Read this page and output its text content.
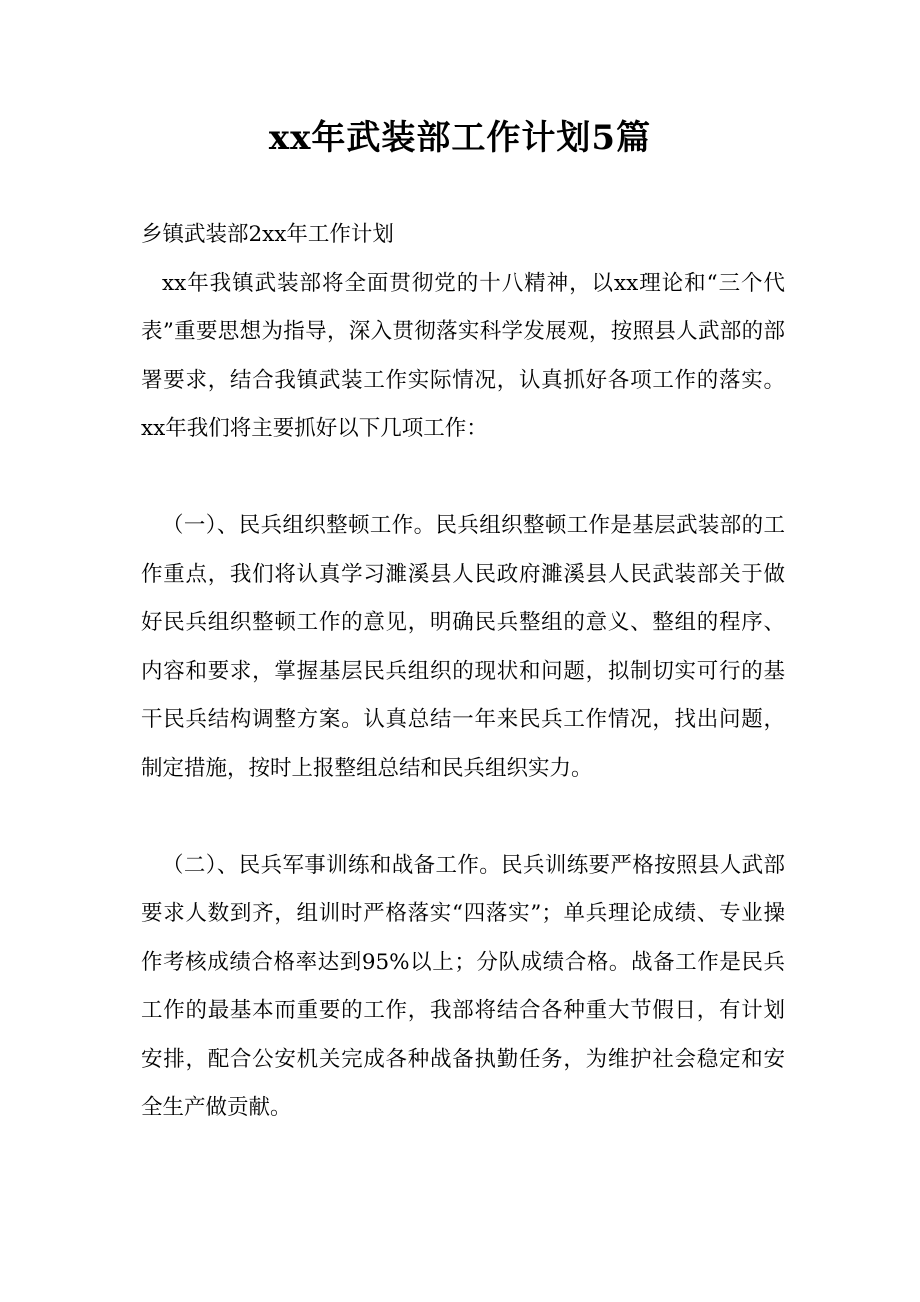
xx年武装部工作计划5篇

乡镇武装部2xx年工作计划

xx年我镇武装部将全面贯彻党的十八精神，以xx理论和“三个代表”重要思想为指导，深入贯彻落实科学发展观，按照县人武部的部署要求，结合我镇武装工作实际情况，认真抓好各项工作的落实。xx年我们将主要抓好以下几项工作：

（一）、民兵组织整顿工作。民兵组织整顿工作是基层武装部的工作重点，我们将认真学习濉溪县人民政府濉溪县人民武装部关于做好民兵组织整顿工作的意见，明确民兵整组的意义、整组的程序、内容和要求，掌握基层民兵组织的现状和问题，拟制切实可行的基干民兵结构调整方案。认真总结一年来民兵工作情况，找出问题，制定措施，按时上报整组总结和民兵组织实力。

（二）、民兵军事训练和战备工作。民兵训练要严格按照县人武部要求人数到齐，组训时严格落实“四落实”；单兵理论成绩、专业操作考核成绩合格率达到95%以上；分队成绩合格。战备工作是民兵工作的最基本而重要的工作，我部将结合各种重大节假日，有计划安排，配合公安机关完成各种战备执勤任务，为维护社会稳定和安全生产做贡献。
